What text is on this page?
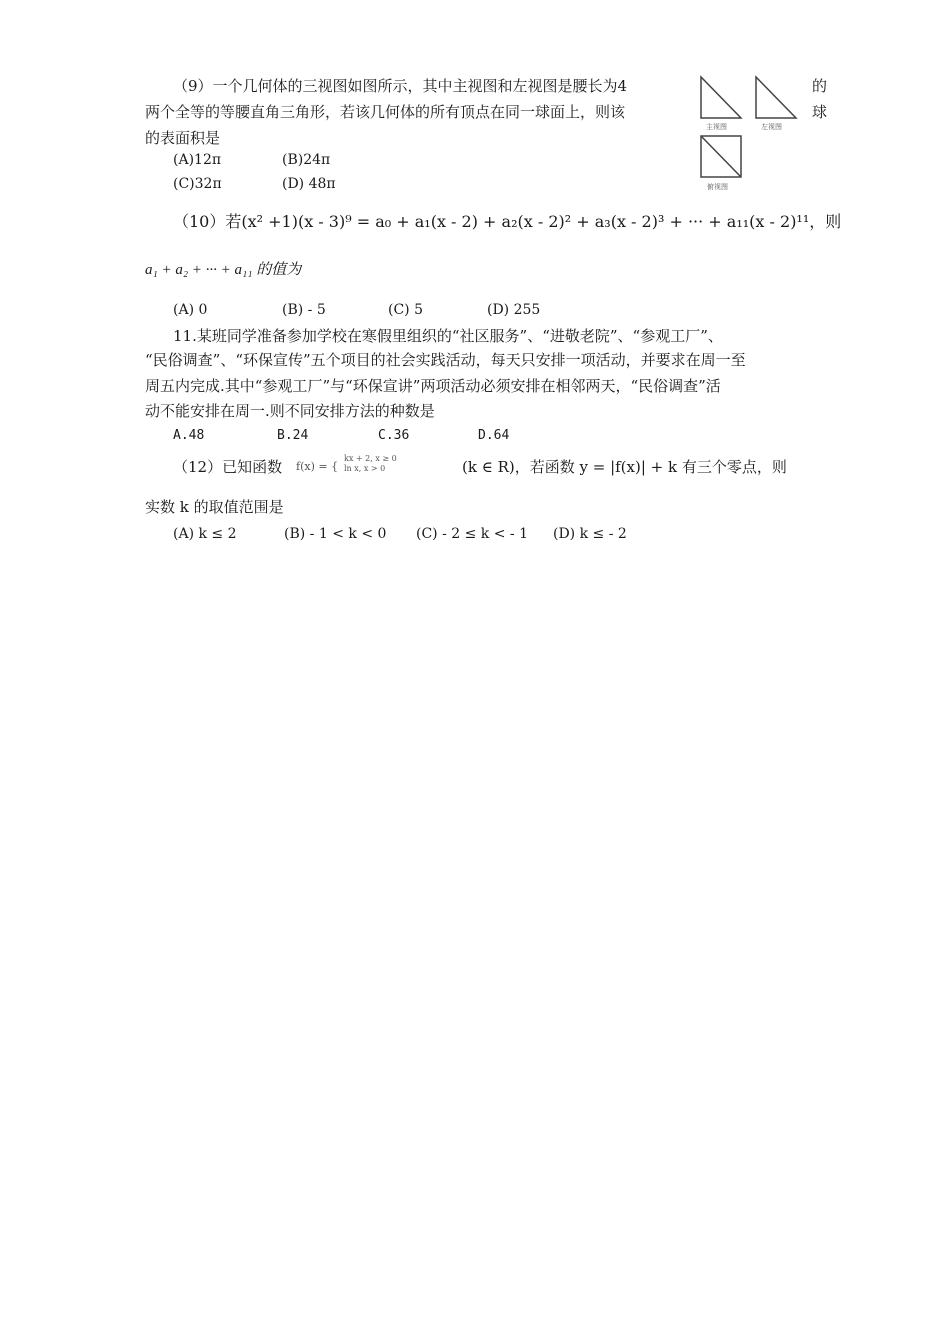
（9）一个几何体的三视图如图所示，其中主视图和左视图是腰长为4	的
两个全等的等腰直角三角形，若该几何体的所有顶点在同一球面上，则该	球
的表面积是
(A)12π	(B)24π
(C)32π	(D) 48π
主视图	左视图
俯视图
（10）若(x² +1)(x - 3)⁹ = a₀ + a₁(x - 2) + a₂(x - 2)² + a₃(x - 2)³ + ··· + a₁₁(x - 2)¹¹，则
a₁ + a₂ + ··· + a₁₁ 的值为
(A) 0	(B) - 5	(C) 5	(D) 255
11.某班同学准备参加学校在寒假里组织的“社区服务”、“进敬老院”、“参观工厂”、
“民俗调查”、“环保宣传”五个项目的社会实践活动，每天只安排一项活动，并要求在周一至
周五内完成.其中“参观工厂”与“环保宣讲”两项活动必须安排在相邻两天，“民俗调查”活
动不能安排在周一.则不同安排方法的种数是
A.48	B.24	C.36	D.64
（12）已知函数 f(x) = {
kx + 2, x ≥ 0
ln x, x > 0	(k ∈ R)，若函数 y = |f(x)| + k 有三个零点，则
实数 k 的取值范围是
(A) k ≤ 2	(B) - 1 < k < 0 (C) - 2 ≤ k < - 1 (D) k ≤ - 2
